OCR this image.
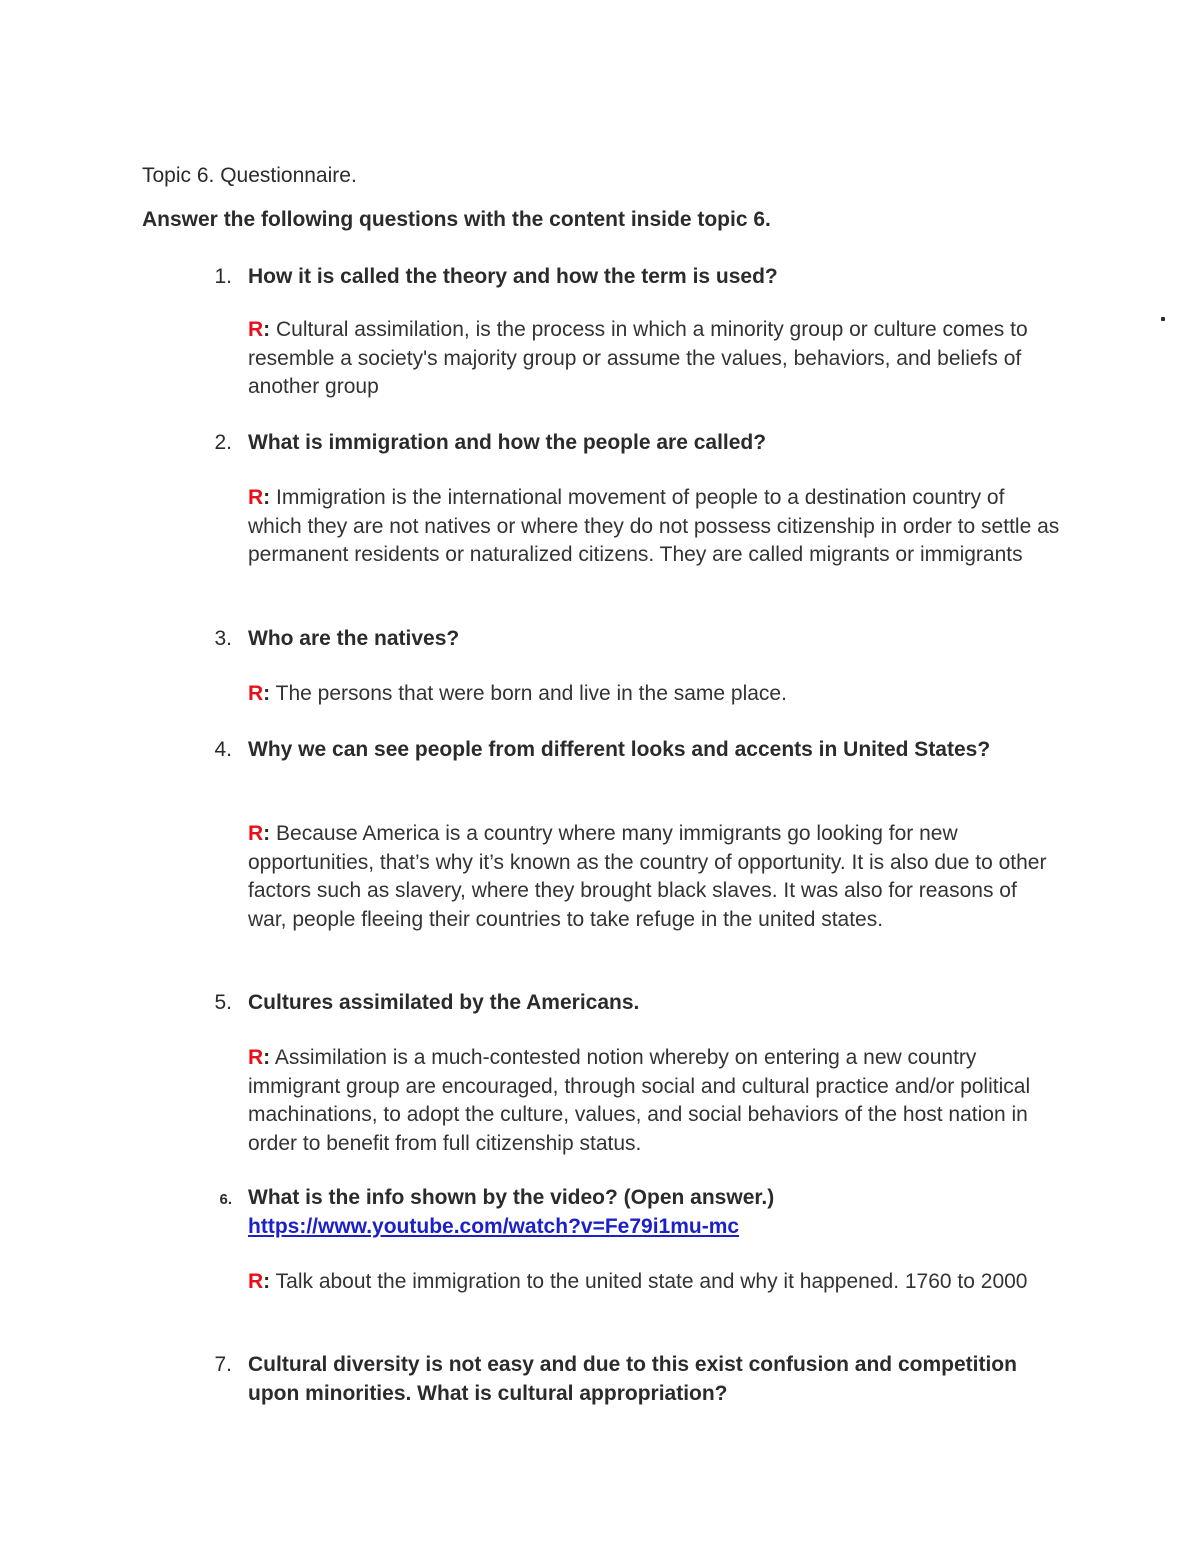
Topic 6. Questionnaire.
Answer the following questions with the content inside topic 6.
1. How it is called the theory and how the term is used?
R: Cultural assimilation, is the process in which a minority group or culture comes to resemble a society's majority group or assume the values, behaviors, and beliefs of another group
2. What is immigration and how the people are called?
R: Immigration is the international movement of people to a destination country of which they are not natives or where they do not possess citizenship in order to settle as permanent residents or naturalized citizens. They are called migrants or immigrants
3. Who are the natives?
R: The persons that were born and live in the same place.
4. Why we can see people from different looks and accents in United States?
R: Because America is a country where many immigrants go looking for new opportunities, that’s why it’s known as the country of opportunity. It is also due to other factors such as slavery, where they brought black slaves. It was also for reasons of war, people fleeing their countries to take refuge in the united states.
5. Cultures assimilated by the Americans.
R: Assimilation is a much-contested notion whereby on entering a new country immigrant group are encouraged, through social and cultural practice and/or political machinations, to adopt the culture, values, and social behaviors of the host nation in order to benefit from full citizenship status.
6. What is the info shown by the video? (Open answer.)
https://www.youtube.com/watch?v=Fe79i1mu-mc
R: Talk about the immigration to the united state and why it happened. 1760 to 2000
7. Cultural diversity is not easy and due to this exist confusion and competition upon minorities. What is cultural appropriation?
